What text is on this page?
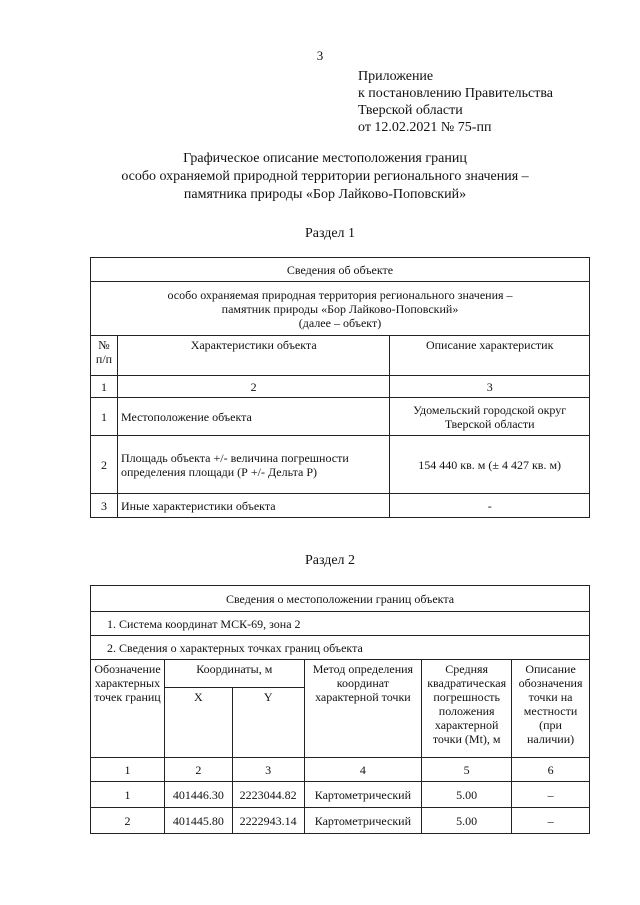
3
Приложение
к постановлению Правительства
Тверской области
от 12.02.2021 № 75-пп
Графическое описание местоположения границ
особо охраняемой природной территории регионального значения –
памятника природы «Бор Лайково-Поповский»
Раздел 1
Сведения об объекте		

особо охраняемая природная территория регионального значения –
памятник природы «Бор Лайково-Поповский»
(далее – объект)		

№ п/п	Характеристики объекта	Описание характеристик
1	2	3
1	Местоположение объекта	Удомельский городской округ Тверской области
2	Площадь объекта +/- величина погрешности определения площади (Р +/- Дельта Р)	154 440 кв. м (± 4 427 кв. м)
3	Иные характеристики объекта	-
Раздел 2
Сведения о местоположении границ объекта					
1. Система координат МСК-69, зона 2					
2. Сведения о характерных точках границ объекта					
Обозначение характерных точек границ	Координаты, м		Метод определения координат характерной точки	Средняя квадратическая погрешность положения характерной точки (Mt), м	Описание обозначения точки на местности (при наличии)
	X	Y			
1	2	3	4	5	6
1	401446.30	2223044.82	Картометрический	5.00	–
2	401445.80	2222943.14	Картометрический	5.00	–
